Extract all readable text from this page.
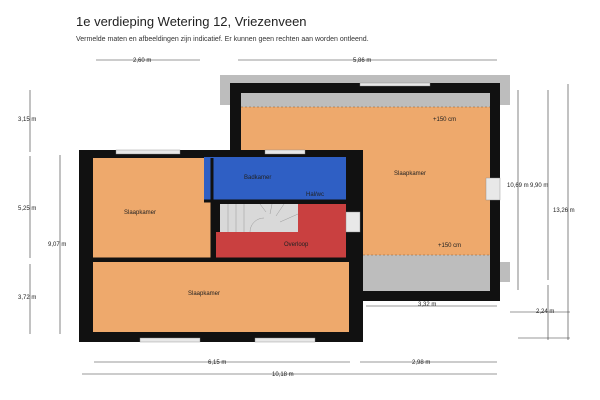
1e verdieping Wetering 12, Vriezenveen
Vermelde maten en afbeeldingen zijn indicatief. Er kunnen geen rechten aan worden ontleend.
Slaapkamer
+150 cm
+150 cm
Slaapkamer
Slaapkamer
Badkamer
Hal/wc
Overloop
2,60 m	5,86 m
3,15 m
5,25 m
9,07 m
3,72 m
10,69 m 9,90 m
13,26 m
2,24 m
3,32 m
6,15 m	2,98 m
10,18 m
